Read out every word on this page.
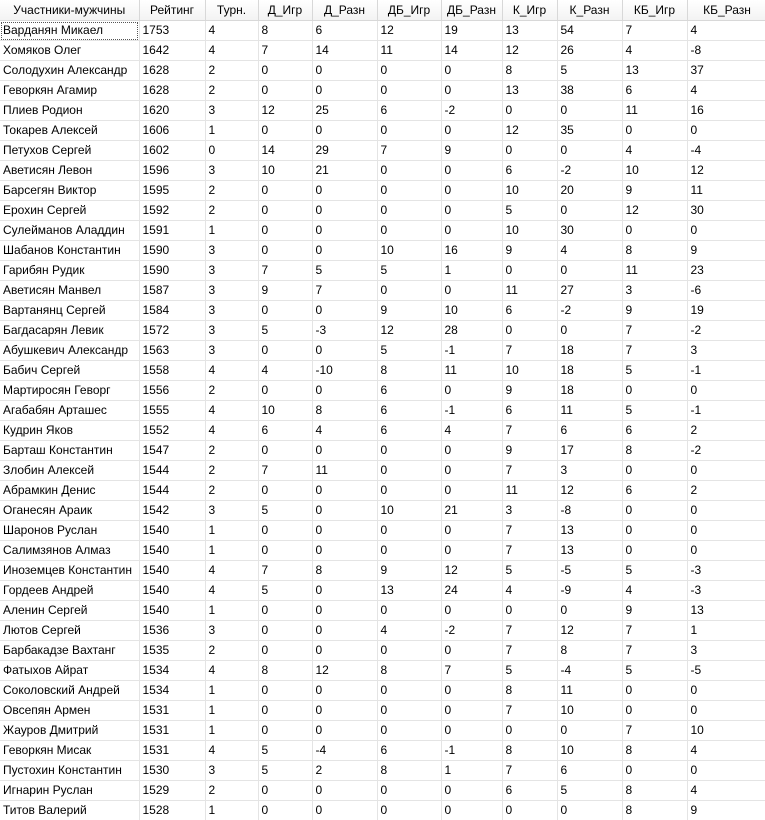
Участники-мужчины	Рейтинг	Турн.	Д_Игр	Д_Разн	ДБ_Игр	ДБ_Разн	К_Игр	К_Разн	КБ_Игр	КБ_Разн	
Варданян Микаел	1753	4	8	6	12	19	13	54	7	4	
Хомяков Олег	1642	4	7	14	11	14	12	26	4	-8	
Солодухин Александр	1628	2	0	0	0	0	8	5	13	37	
Геворкян Агамир	1628	2	0	0	0	0	13	38	6	4	
Плиев Родион	1620	3	12	25	6	-2	0	0	11	16	
Токарев Алексей	1606	1	0	0	0	0	12	35	0	0	
Петухов Сергей	1602	0	14	29	7	9	0	0	4	-4	
Аветисян Левон	1596	3	10	21	0	0	6	-2	10	12	
Барсегян Виктор	1595	2	0	0	0	0	10	20	9	11	
Ерохин Сергей	1592	2	0	0	0	0	5	0	12	30	
Сулейманов Аладдин	1591	1	0	0	0	0	10	30	0	0	
Шабанов Константин	1590	3	0	0	10	16	9	4	8	9	
Гарибян Рудик	1590	3	7	5	5	1	0	0	11	23	
Аветисян Манвел	1587	3	9	7	0	0	11	27	3	-6	
Вартанянц Сергей	1584	3	0	0	9	10	6	-2	9	19	
Багдасарян Левик	1572	3	5	-3	12	28	0	0	7	-2	
Абушкевич Александр	1563	3	0	0	5	-1	7	18	7	3	
Бабич Сергей	1558	4	4	-10	8	11	10	18	5	-1	
Мартиросян Геворг	1556	2	0	0	6	0	9	18	0	0	
Агабабян Арташес	1555	4	10	8	6	-1	6	11	5	-1	
Кудрин Яков	1552	4	6	4	6	4	7	6	6	2	
Барташ Константин	1547	2	0	0	0	0	9	17	8	-2	
Злобин Алексей	1544	2	7	11	0	0	7	3	0	0	
Абрамкин Денис	1544	2	0	0	0	0	11	12	6	2	
Оганесян Араик	1542	3	5	0	10	21	3	-8	0	0	
Шаронов Руслан	1540	1	0	0	0	0	7	13	0	0	
Салимзянов Алмаз	1540	1	0	0	0	0	7	13	0	0	
Иноземцев Константин	1540	4	7	8	9	12	5	-5	5	-3	
Гордеев Андрей	1540	4	5	0	13	24	4	-9	4	-3	
Аленин Сергей	1540	1	0	0	0	0	0	0	9	13	
Лютов Сергей	1536	3	0	0	4	-2	7	12	7	1	
Барбакадзе Вахтанг	1535	2	0	0	0	0	7	8	7	3	
Фатыхов Айрат	1534	4	8	12	8	7	5	-4	5	-5	
Соколовский Андрей	1534	1	0	0	0	0	8	11	0	0	
Овсепян Армен	1531	1	0	0	0	0	7	10	0	0	
Жауров Дмитрий	1531	1	0	0	0	0	0	0	7	10	
Геворкян Мисак	1531	4	5	-4	6	-1	8	10	8	4	
Пустохин Константин	1530	3	5	2	8	1	7	6	0	0	
Игнарин Руслан	1529	2	0	0	0	0	6	5	8	4	
Титов Валерий	1528	1	0	0	0	0	0	0	8	9	
